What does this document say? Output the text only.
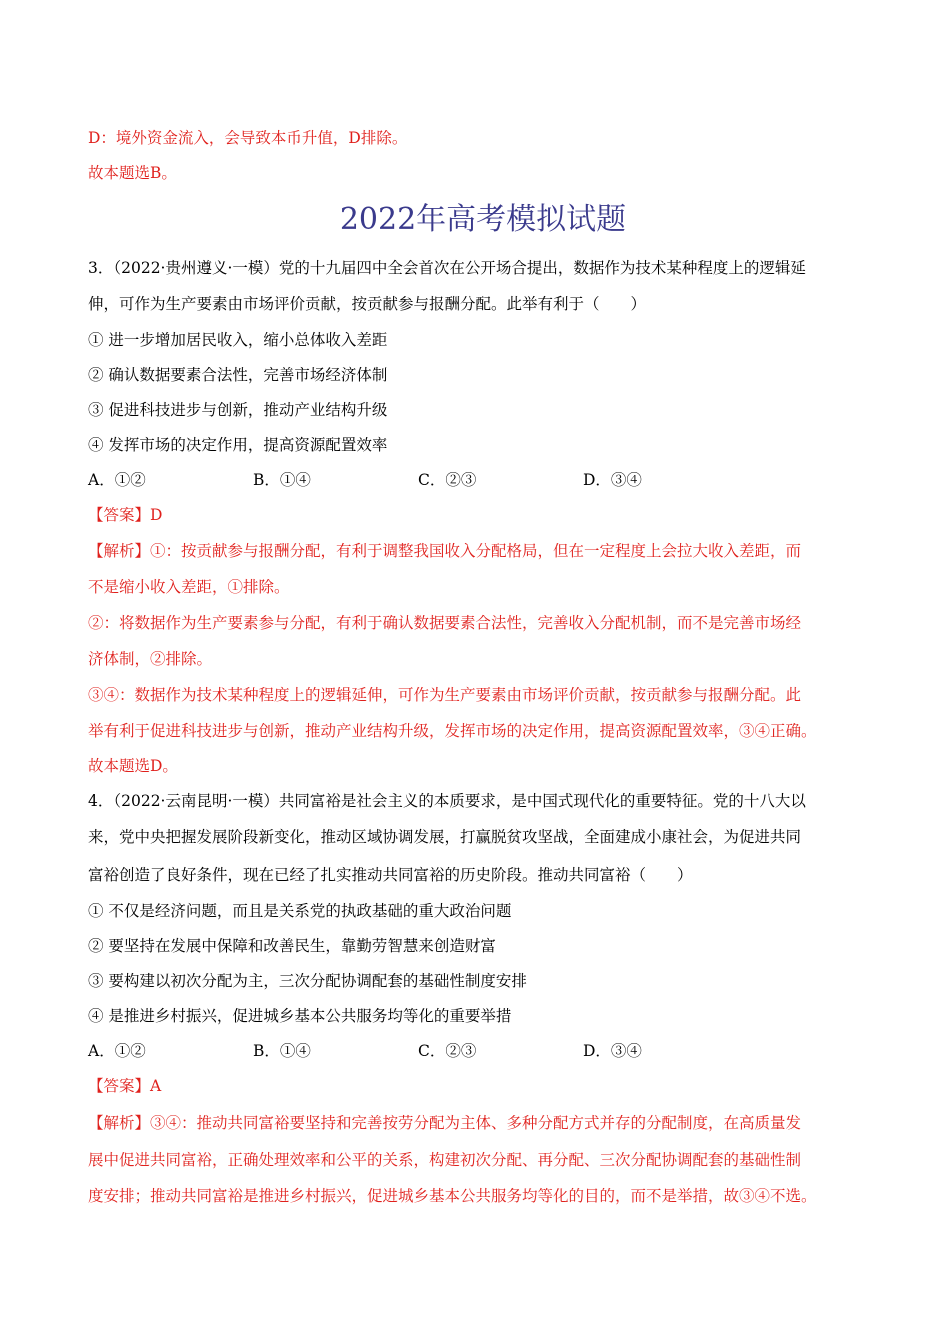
D：境外资金流入，会导致本币升值，D排除。
故本题选B。
2022年高考模拟试题
3．（2022·贵州遵义·一模）党的十九届四中全会首次在公开场合提出，数据作为技术某种程度上的逻辑延
伸，可作为生产要素由市场评价贡献，按贡献参与报酬分配。此举有利于（　　）
① 进一步增加居民收入，缩小总体收入差距
② 确认数据要素合法性，完善市场经济体制
③ 促进科技进步与创新，推动产业结构升级
④ 发挥市场的决定作用，提高资源配置效率
A．①②	B．①④	C．②③	D．③④
【答案】D
【解析】①：按贡献参与报酬分配，有利于调整我国收入分配格局，但在一定程度上会拉大收入差距，而
不是缩小收入差距，①排除。
②：将数据作为生产要素参与分配，有利于确认数据要素合法性，完善收入分配机制，而不是完善市场经
济体制，②排除。
③④：数据作为技术某种程度上的逻辑延伸，可作为生产要素由市场评价贡献，按贡献参与报酬分配。此
举有利于促进科技进步与创新，推动产业结构升级，发挥市场的决定作用，提高资源配置效率，③④正确。
故本题选D。
4．（2022·云南昆明·一模）共同富裕是社会主义的本质要求，是中国式现代化的重要特征。党的十八大以
来，党中央把握发展阶段新变化，推动区域协调发展，打赢脱贫攻坚战，全面建成小康社会，为促进共同
富裕创造了良好条件，现在已经了扎实推动共同富裕的历史阶段。推动共同富裕（　　）
① 不仅是经济问题，而且是关系党的执政基础的重大政治问题
② 要坚持在发展中保障和改善民生，靠勤劳智慧来创造财富
③ 要构建以初次分配为主，三次分配协调配套的基础性制度安排
④ 是推进乡村振兴，促进城乡基本公共服务均等化的重要举措
A．①②	B．①④	C．②③	D．③④
【答案】A
【解析】③④：推动共同富裕要坚持和完善按劳分配为主体、多种分配方式并存的分配制度，在高质量发
展中促进共同富裕，正确处理效率和公平的关系，构建初次分配、再分配、三次分配协调配套的基础性制
度安排；推动共同富裕是推进乡村振兴，促进城乡基本公共服务均等化的目的，而不是举措，故③④不选。
